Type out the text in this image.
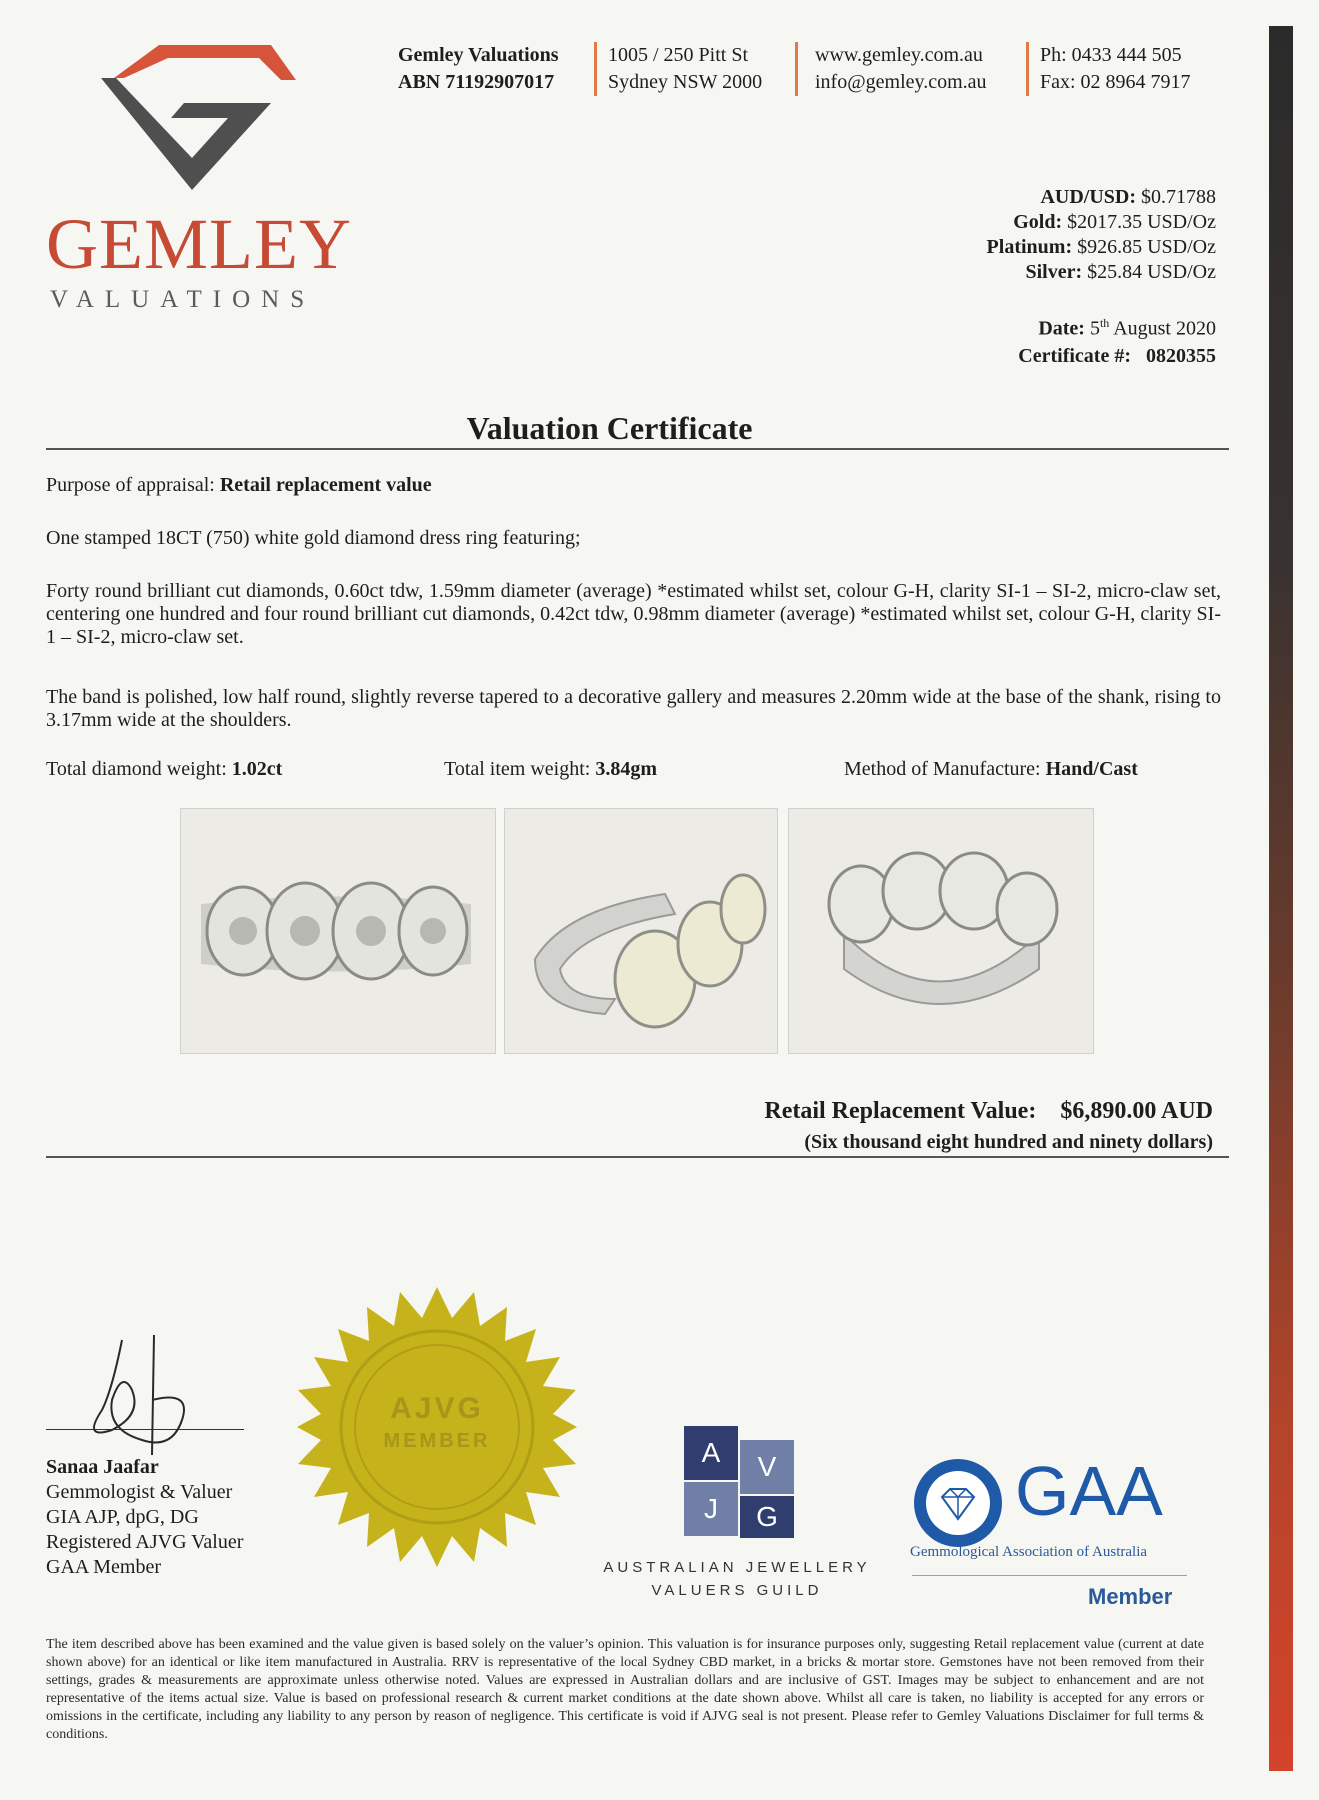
GEMLEY
VALUATIONS
Gemley Valuations
ABN 71192907017
1005 / 250 Pitt St
Sydney NSW 2000
www.gemley.com.au
info@gemley.com.au
Ph: 0433 444 505
Fax: 02 8964 7917
AUD/USD: $0.71788
Gold: $2017.35 USD/Oz
Platinum: $926.85 USD/Oz
Silver: $25.84 USD/Oz
Date: 5th August 2020
Certificate #: 0820355
Valuation Certificate
Purpose of appraisal: Retail replacement value
One stamped 18CT (750) white gold diamond dress ring featuring;
Forty round brilliant cut diamonds, 0.60ct tdw, 1.59mm diameter (average) *estimated whilst set, colour G-H, clarity SI-1 – SI-2, micro-claw set, centering one hundred and four round brilliant cut diamonds, 0.42ct tdw, 0.98mm diameter (average) *estimated whilst set, colour G-H, clarity SI-1 – SI-2, micro-claw set.
The band is polished, low half round, slightly reverse tapered to a decorative gallery and measures 2.20mm wide at the base of the shank, rising to 3.17mm wide at the shoulders.
Total diamond weight: 1.02ct	Total item weight: 3.84gm	Method of Manufacture: Hand/Cast
Retail Replacement Value: $6,890.00 AUD
(Six thousand eight hundred and ninety dollars)
Sanaa Jaafar
Gemmologist & Valuer
GIA AJP, dpG, DG
Registered AJVG Valuer
GAA Member
AJVG
MEMBER	A	V
J	G
AUSTRALIAN JEWELLERY
VALUERS GUILD
GAA
Gemmological Association of Australia
Member
The item described above has been examined and the value given is based solely on the valuer’s opinion. This valuation is for insurance purposes only, suggesting Retail replacement value (current at date shown above) for an identical or like item manufactured in Australia. RRV is representative of the local Sydney CBD market, in a bricks & mortar store. Gemstones have not been removed from their settings, grades & measurements are approximate unless otherwise noted. Values are expressed in Australian dollars and are inclusive of GST. Images may be subject to enhancement and are not representative of the items actual size. Value is based on professional research & current market conditions at the date shown above. Whilst all care is taken, no liability is accepted for any errors or omissions in the certificate, including any liability to any person by reason of negligence. This certificate is void if AJVG seal is not present. Please refer to Gemley Valuations Disclaimer for full terms & conditions.
